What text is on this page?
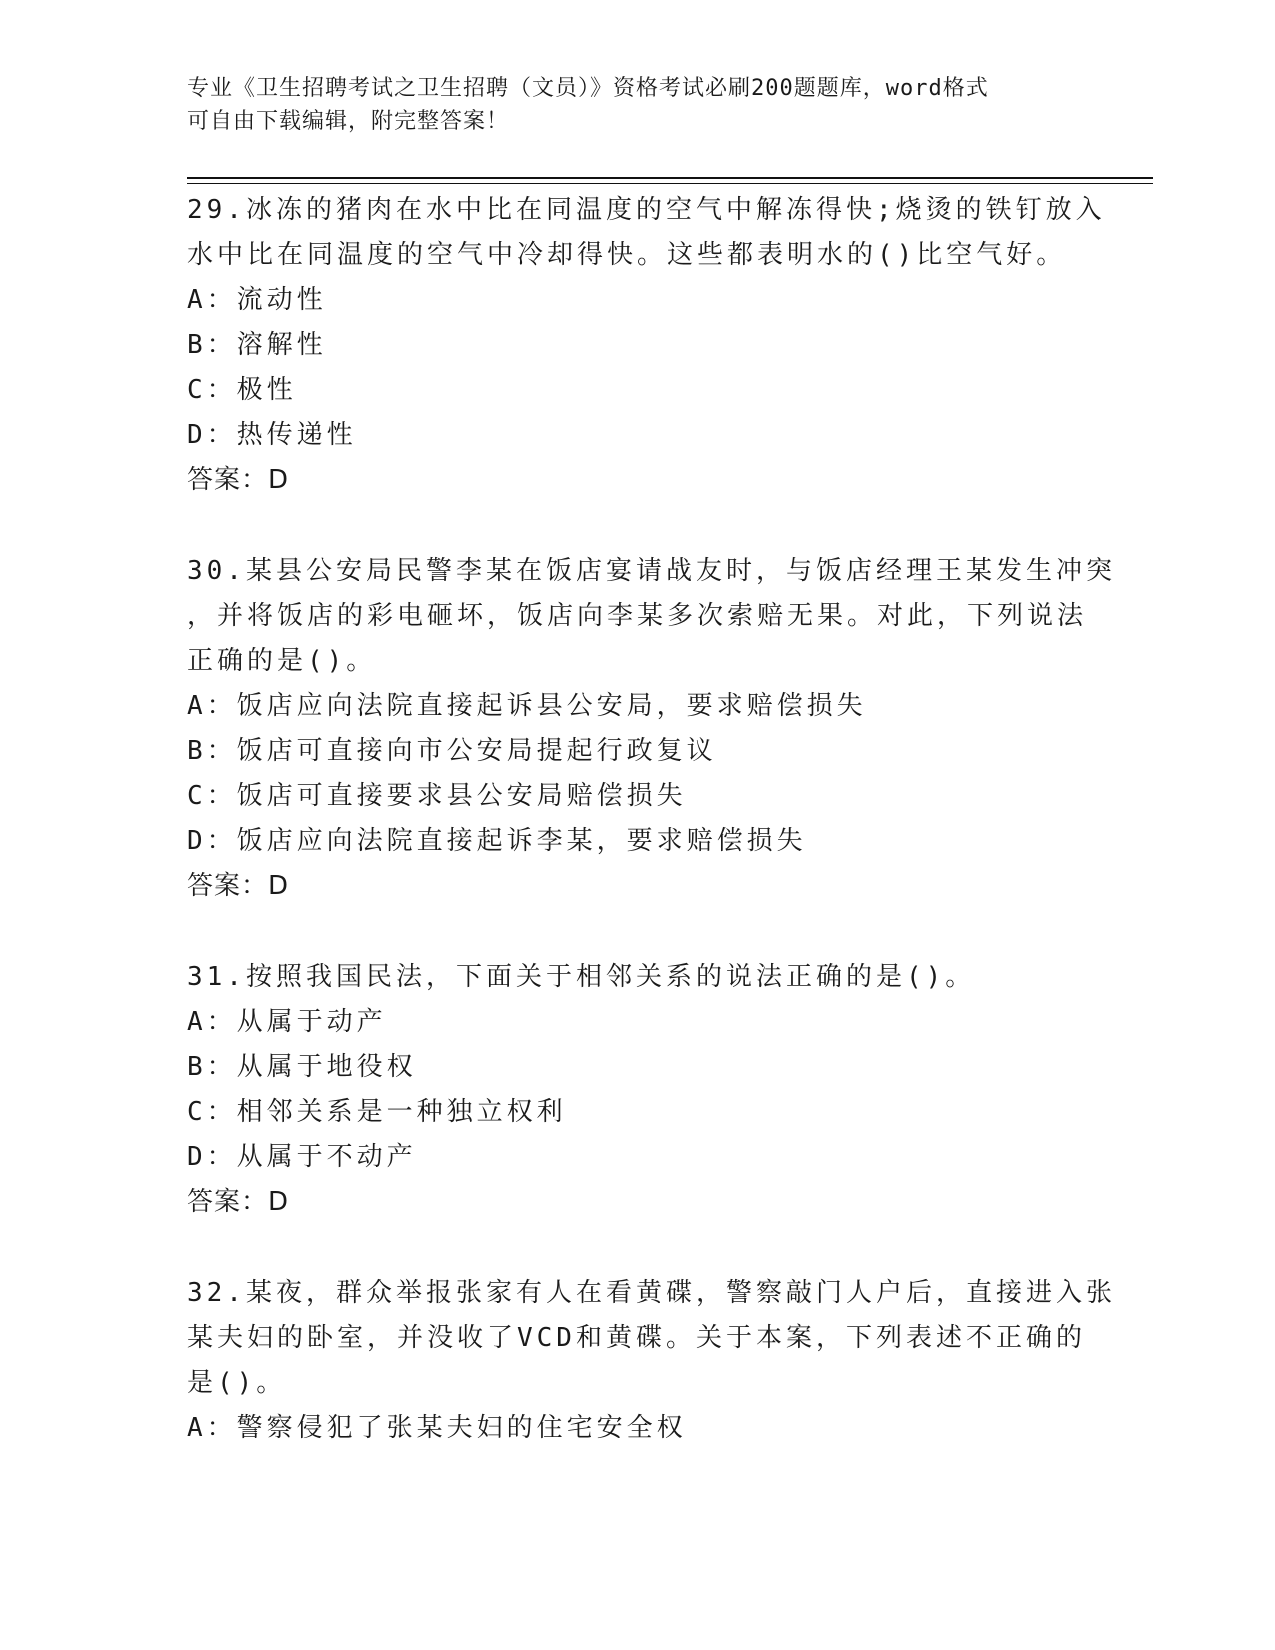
专业《卫生招聘考试之卫生招聘（文员）》资格考试必刷200题题库，word格式
可自由下载编辑，附完整答案！
29.冰冻的猪肉在水中比在同温度的空气中解冻得快;烧烫的铁钉放入
水中比在同温度的空气中冷却得快。这些都表明水的()比空气好。
A：流动性
B：溶解性
C：极性
D：热传递性
答案：D
30.某县公安局民警李某在饭店宴请战友时，与饭店经理王某发生冲突
，并将饭店的彩电砸坏，饭店向李某多次索赔无果。对此，下列说法
正确的是()。
A：饭店应向法院直接起诉县公安局，要求赔偿损失
B：饭店可直接向市公安局提起行政复议
C：饭店可直接要求县公安局赔偿损失
D：饭店应向法院直接起诉李某，要求赔偿损失
答案：D
31.按照我国民法，下面关于相邻关系的说法正确的是()。
A：从属于动产
B：从属于地役权
C：相邻关系是一种独立权利
D：从属于不动产
答案：D
32.某夜，群众举报张家有人在看黄碟，警察敲门人户后，直接进入张
某夫妇的卧室，并没收了VCD和黄碟。关于本案，下列表述不正确的
是()。
A：警察侵犯了张某夫妇的住宅安全权
